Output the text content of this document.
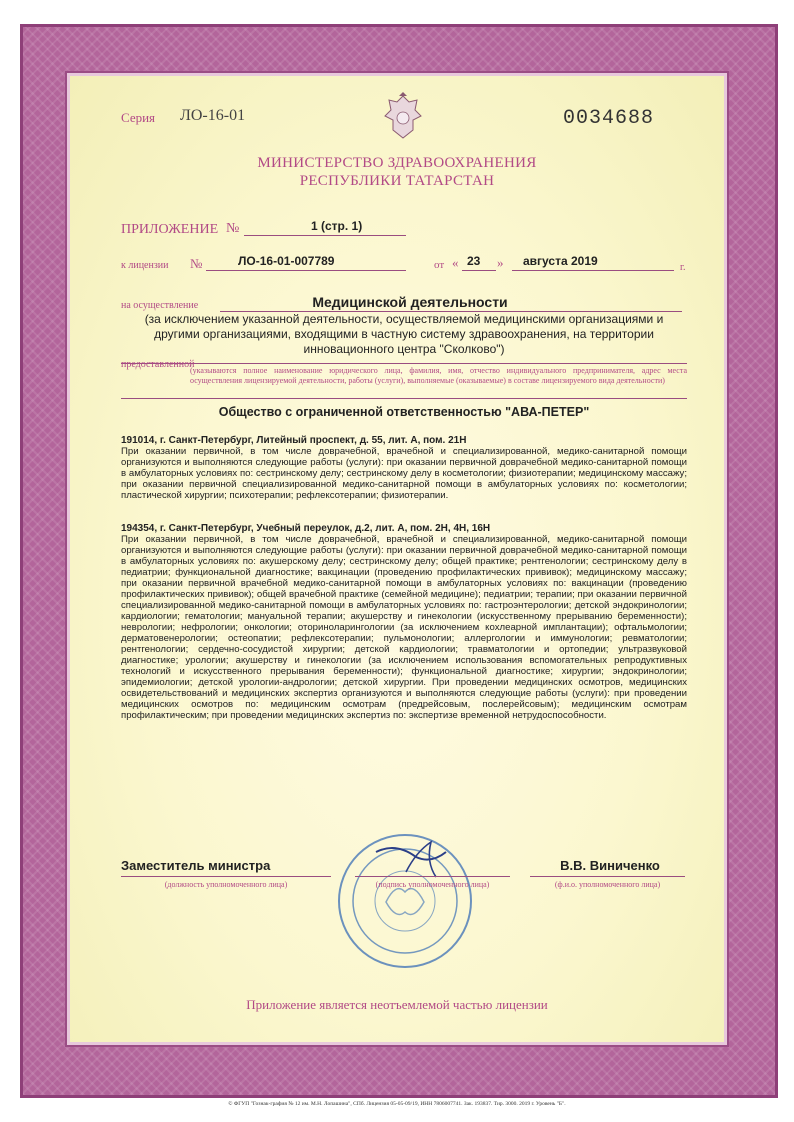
Серия ЛО-16-01	0034688
МИНИСТЕРСТВО ЗДРАВООХРАНЕНИЯ
РЕСПУБЛИКИ ТАТАРСТАН
ПРИЛОЖЕНИЕ №	1 (стр. 1)
к лицензии №	ЛО-16-01-007789	от « 23 » августа 2019	г.
на осуществление	Медицинской деятельности
(за исключением указанной деятельности, осуществляемой медицинскими организациями и другими организациями, входящими в частную систему здравоохранения, на территории инновационного центра "Сколково")
предоставленной
(указываются полное наименование юридического лица, фамилия, имя, отчество индивидуального предпринимателя, адрес места осуществления лицензируемой деятельности, работы (услуги), выполняемые (оказываемые) в составе лицензируемого вида деятельности)
Общество с ограниченной ответственностью "АВА-ПЕТЕР"
191014, г. Санкт-Петербург, Литейный проспект, д. 55, лит. А, пом. 21Н
При оказании первичной, в том числе доврачебной, врачебной и специализированной, медико-санитарной помощи организуются и выполняются следующие работы (услуги): при оказании первичной доврачебной медико-санитарной помощи в амбулаторных условиях по: сестринскому делу; сестринскому делу в косметологии; физиотерапии; медицинскому массажу; при оказании первичной специализированной медико-санитарной помощи в амбулаторных условиях по: косметологии; пластической хирургии; психотерапии; рефлексотерапии; физиотерапии.
194354, г. Санкт-Петербург, Учебный переулок, д.2, лит. А, пом. 2Н, 4Н, 16Н
При оказании первичной, в том числе доврачебной, врачебной и специализированной, медико-санитарной помощи организуются и выполняются следующие работы (услуги): при оказании первичной доврачебной медико-санитарной помощи в амбулаторных условиях по: акушерскому делу; сестринскому делу; общей практике; рентгенологии; сестринскому делу в педиатрии; функциональной диагностике; вакцинации (проведению профилактических прививок); медицинскому массажу; при оказании первичной врачебной медико-санитарной помощи в амбулаторных условиях по: вакцинации (проведению профилактических прививок); общей врачебной практике (семейной медицине); педиатрии; терапии; при оказании первичной специализированной медико-санитарной помощи в амбулаторных условиях по: гастроэнтерологии; детской эндокринологии; кардиологии; гематологии; мануальной терапии; акушерству и гинекологии (искусственному прерыванию беременности); неврологии; нефрологии; онкологии; оториноларингологии (за исключением кохлеарной имплантации); офтальмологии; дерматовенерологии; остеопатии; рефлексотерапии; пульмонологии; аллергологии и иммунологии; ревматологии; рентгенологии; сердечно-сосудистой хирургии; детской кардиологии; травматологии и ортопедии; ультразвуковой диагностике; урологии; акушерству и гинекологии (за исключением использования вспомогательных репродуктивных технологий и искусственного прерывания беременности); функциональной диагностике; хирургии; эндокринологии; эпидемиологии; детской урологии-андрологии; детской хирургии. При проведении медицинских осмотров, медицинских освидетельствований и медицинских экспертиз организуются и выполняются следующие работы (услуги): при проведении медицинских осмотров по: медицинским осмотрам (предрейсовым, послерейсовым); медицинским осмотрам профилактическим; при проведении медицинских экспертиз по: экспертизе временной нетрудоспособности.
Заместитель министра
(должность уполномоченного лица)	(подпись уполномоченного лица)
В.В. Виниченко
(ф.и.о. уполномоченного лица)
Приложение является неотъемлемой частью лицензии
© ФГУП "Гознак-графия № 12 им. М.Н. Лопашина", СПб. Лицензия 05-05-09/19, ИНН 7806007741. Зак. 193837. Тир. 3000. 2019 г. Уровень "Б".
